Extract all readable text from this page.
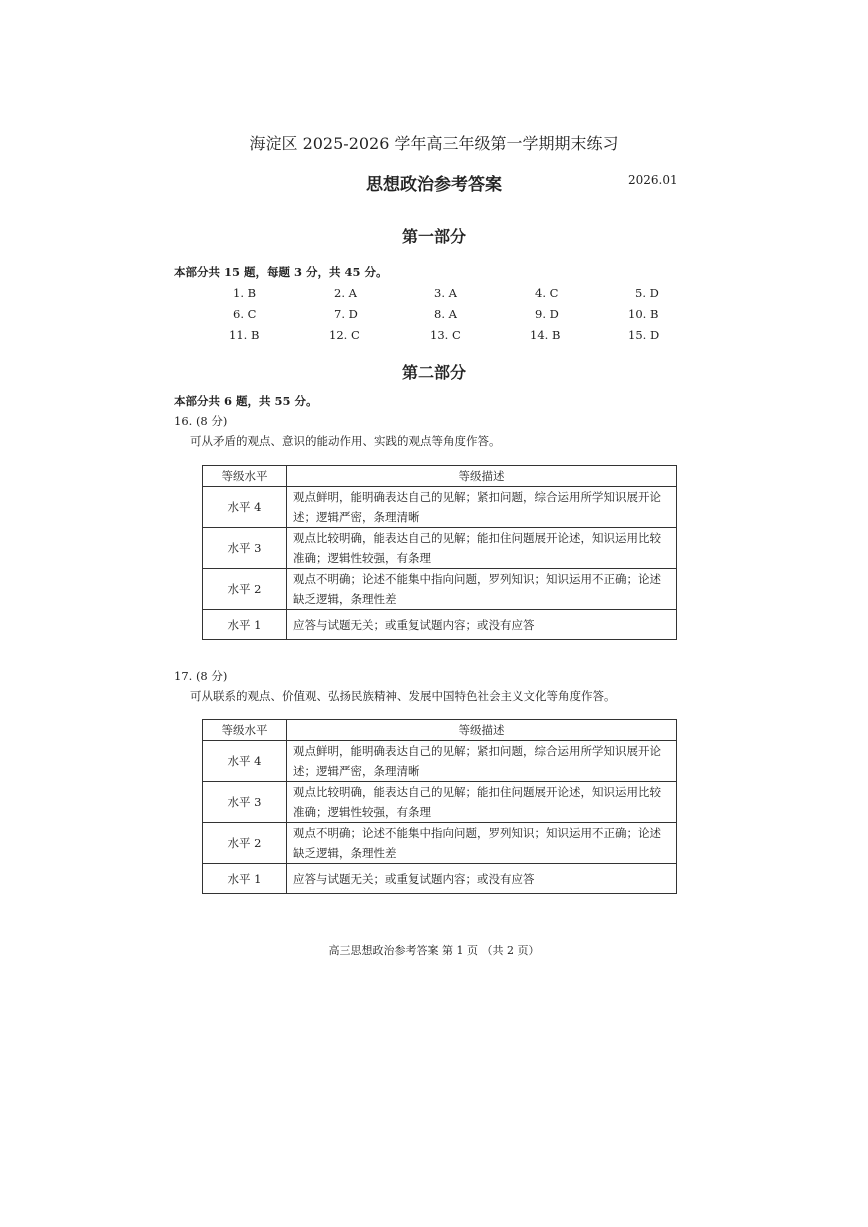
海淀区 2025-2026 学年高三年级第一学期期末练习
思想政治参考答案	2026.01
第一部分
本部分共 15 题，每题 3 分，共 45 分。
1. B	2. A	3. A	4. C	5. D
6. C	7. D	8. A	9. D	10. B
11. B	12. C	13. C	14. B	15. D
第二部分
本部分共 6 题，共 55 分。
16. (8 分)
可从矛盾的观点、意识的能动作用、实践的观点等角度作答。
等级水平	等级描述
水平 4	观点鲜明，能明确表达自己的见解；紧扣问题，综合运用所学知识展开论
述；逻辑严密，条理清晰
水平 3	观点比较明确，能表达自己的见解；能扣住问题展开论述，知识运用比较
准确；逻辑性较强，有条理
水平 2	观点不明确；论述不能集中指向问题，罗列知识；知识运用不正确；论述
缺乏逻辑，条理性差
水平 1	应答与试题无关；或重复试题内容；或没有应答
17. (8 分)
可从联系的观点、价值观、弘扬民族精神、发展中国特色社会主义文化等角度作答。
等级水平	等级描述
水平 4	观点鲜明，能明确表达自己的见解；紧扣问题，综合运用所学知识展开论
述；逻辑严密，条理清晰
水平 3	观点比较明确，能表达自己的见解；能扣住问题展开论述，知识运用比较
准确；逻辑性较强，有条理
水平 2	观点不明确；论述不能集中指向问题，罗列知识；知识运用不正确；论述
缺乏逻辑，条理性差
水平 1	应答与试题无关；或重复试题内容；或没有应答
高三思想政治参考答案 第 1 页 （共 2 页）
